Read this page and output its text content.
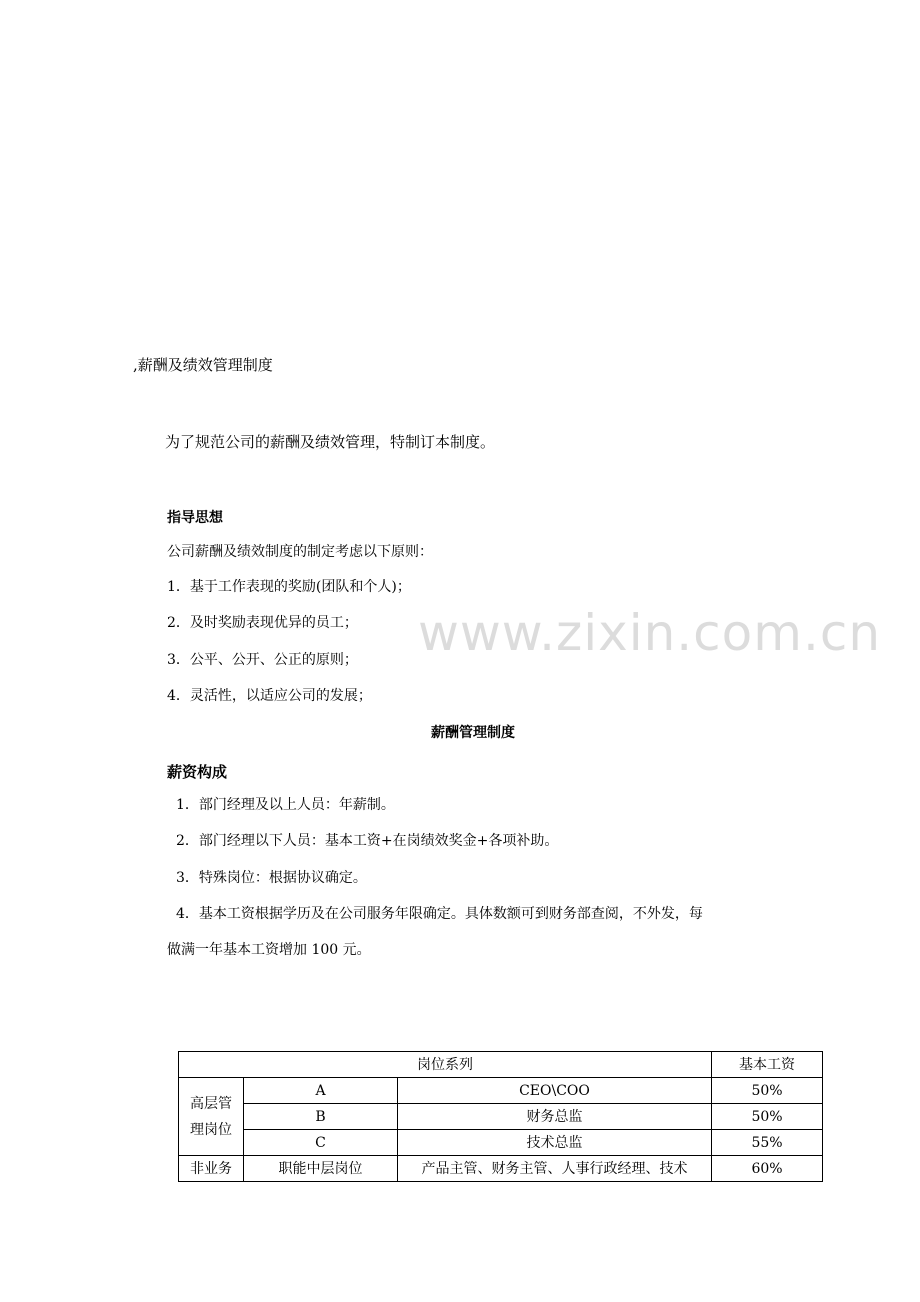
www.zixin.com.cn
,薪酬及绩效管理制度
为了规范公司的薪酬及绩效管理，特制订本制度。
指导思想
公司薪酬及绩效制度的制定考虑以下原则：
1．基于工作表现的奖励(团队和个人)；
2．及时奖励表现优异的员工；
3．公平、公开、公正的原则；
4．灵活性，以适应公司的发展；
薪酬管理制度
薪资构成
1．部门经理及以上人员：年薪制。
2．部门经理以下人员：基本工资+在岗绩效奖金+各项补助。
3．特殊岗位：根据协议确定。
4．基本工资根据学历及在公司服务年限确定。具体数额可到财务部查阅，不外发，每
做满一年基本工资增加 100 元。
岗位系列			基本工资
高层管
理岗位	A	CEO\COO	50%
	B	财务总监	50%
	C	技术总监	55%
非业务	职能中层岗位	产品主管、财务主管、人事行政经理、技术	60%
